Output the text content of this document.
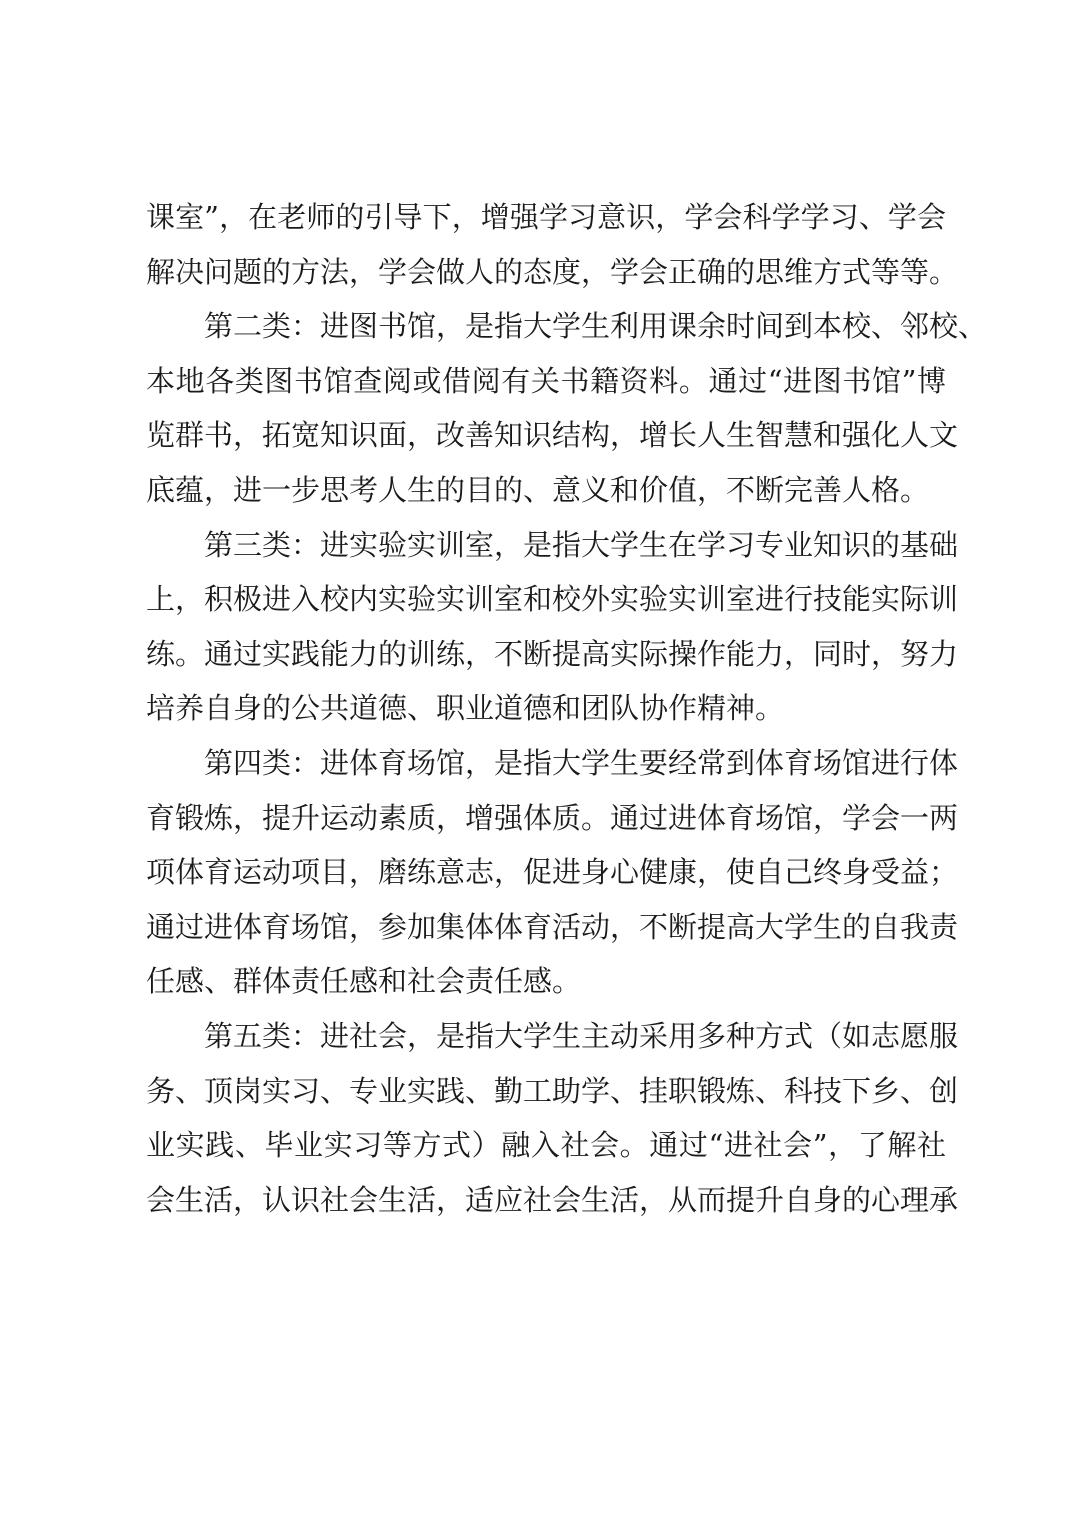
课室”，在老师的引导下，增强学习意识，学会科学学习、学会
解决问题的方法，学会做人的态度，学会正确的思维方式等等。
第二类：进图书馆，是指大学生利用课余时间到本校、邻校、
本地各类图书馆查阅或借阅有关书籍资料。通过“进图书馆”博
览群书，拓宽知识面，改善知识结构，增长人生智慧和强化人文
底蕴，进一步思考人生的目的、意义和价值，不断完善人格。
第三类：进实验实训室，是指大学生在学习专业知识的基础
上，积极进入校内实验实训室和校外实验实训室进行技能实际训
练。通过实践能力的训练，不断提高实际操作能力，同时，努力
培养自身的公共道德、职业道德和团队协作精神。
第四类：进体育场馆，是指大学生要经常到体育场馆进行体
育锻炼，提升运动素质，增强体质。通过进体育场馆，学会一两
项体育运动项目，磨练意志，促进身心健康，使自己终身受益；
通过进体育场馆，参加集体体育活动，不断提高大学生的自我责
任感、群体责任感和社会责任感。
第五类：进社会，是指大学生主动采用多种方式（如志愿服
务、顶岗实习、专业实践、勤工助学、挂职锻炼、科技下乡、创
业实践、毕业实习等方式）融入社会。通过“进社会”，了解社
会生活，认识社会生活，适应社会生活，从而提升自身的心理承
